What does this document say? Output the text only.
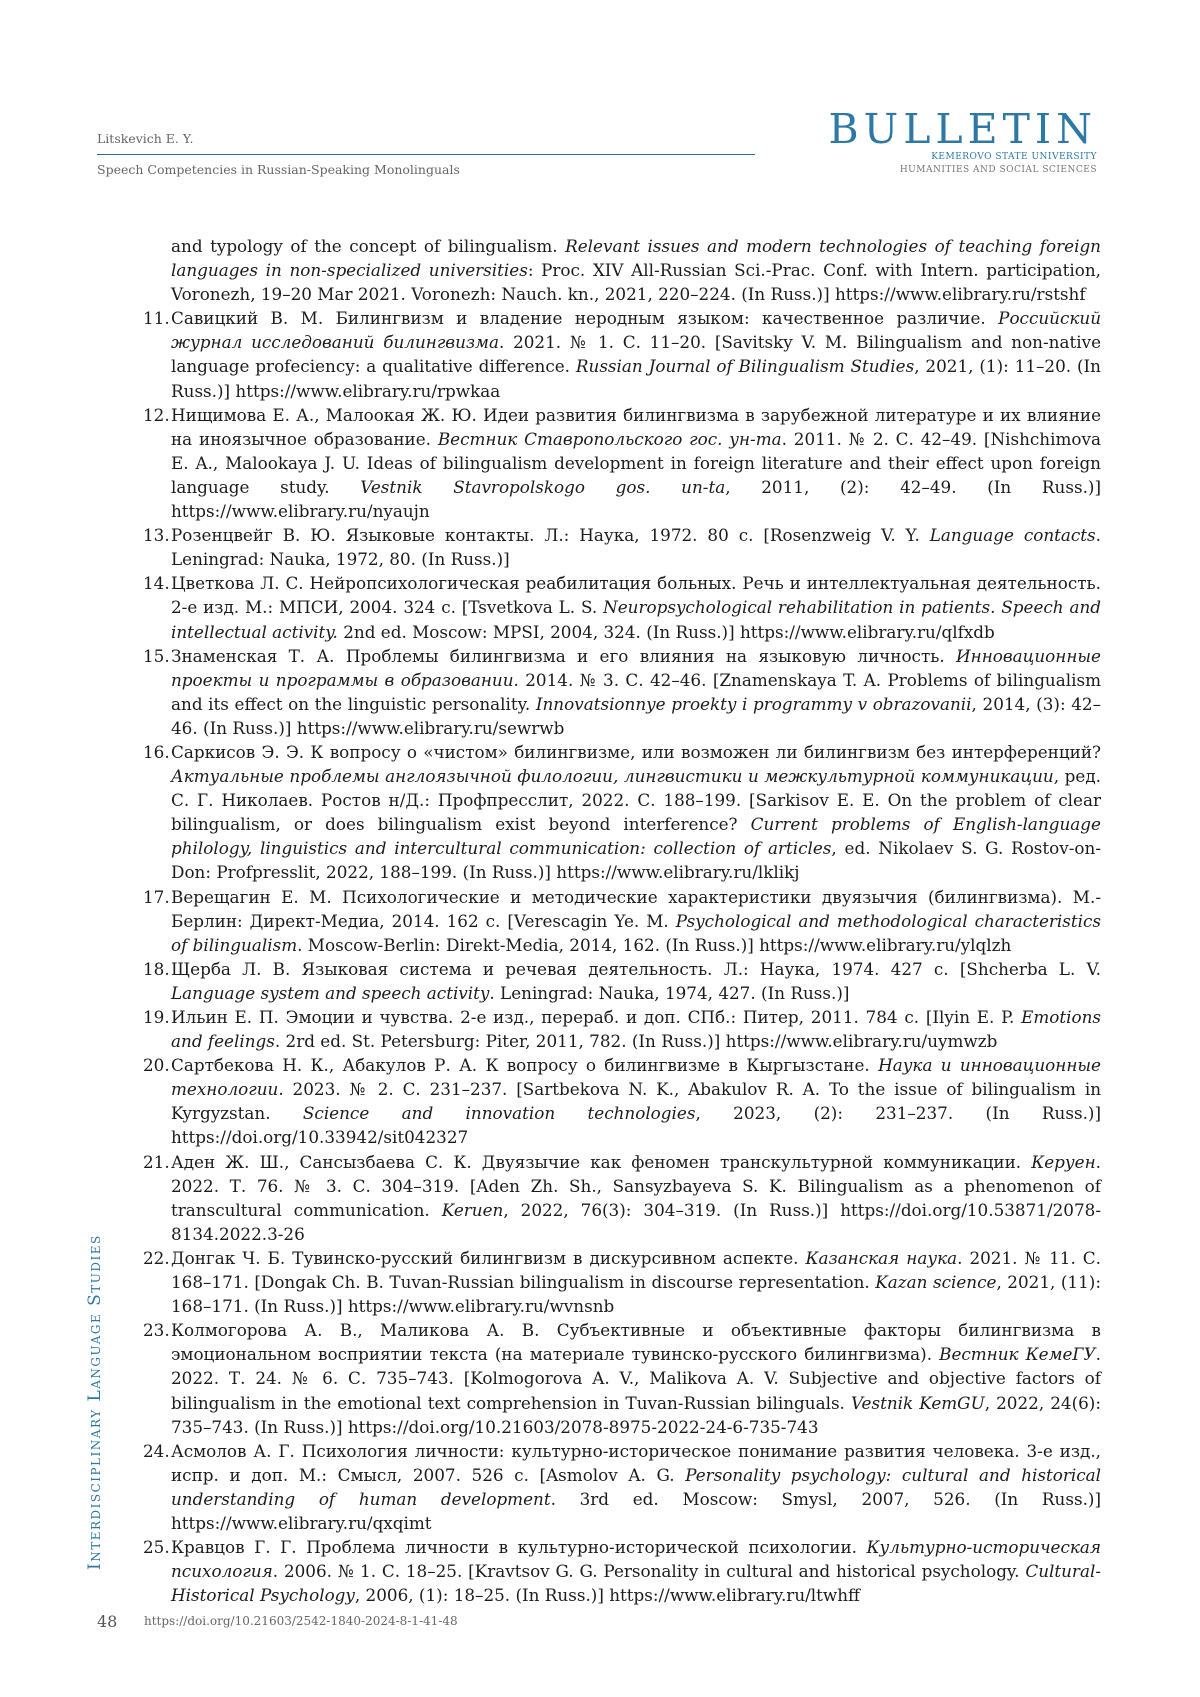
Litskevich E. Y.
Speech Competencies in Russian-Speaking Monolinguals
BULLETIN
KEMEROVO STATE UNIVERSITY
HUMANITIES AND SOCIAL SCIENCES
and typology of the concept of bilingualism. Relevant issues and modern technologies of teaching foreign languages in non-specialized universities: Proc. XIV All-Russian Sci.-Prac. Conf. with Intern. participation, Voronezh, 19–20 Mar 2021. Voronezh: Nauch. kn., 2021, 220–224. (In Russ.)] https://www.elibrary.ru/rstshf
11. Савицкий В. М. Билингвизм и владение неродным языком: качественное различие. Российский журнал исследований билингвизма. 2021. № 1. С. 11–20. [Savitsky V. M. Bilingualism and non-native language profeciency: a qualitative difference. Russian Journal of Bilingualism Studies, 2021, (1): 11–20. (In Russ.)] https://www.elibrary.ru/rpwkaa
12. Нищимова Е. А., Малоокая Ж. Ю. Идеи развития билингвизма в зарубежной литературе и их влияние на иноязычное образование. Вестник Ставропольского гос. ун-та. 2011. № 2. С. 42–49. [Nishchimova E. A., Malookaya J. U. Ideas of bilingualism development in foreign literature and their effect upon foreign language study. Vestnik Stavropolskogo gos. un-ta, 2011, (2): 42–49. (In Russ.)] https://www.elibrary.ru/nyaujn
13. Розенцвейг В. Ю. Языковые контакты. Л.: Наука, 1972. 80 с. [Rosenzweig V. Y. Language contacts. Leningrad: Nauka, 1972, 80. (In Russ.)]
14. Цветкова Л. С. Нейропсихологическая реабилитация больных. Речь и интеллектуальная деятельность. 2-е изд. М.: МПСИ, 2004. 324 с. [Tsvetkova L. S. Neuropsychological rehabilitation in patients. Speech and intellectual activity. 2nd ed. Moscow: MPSI, 2004, 324. (In Russ.)] https://www.elibrary.ru/qlfxdb
15. Знаменская Т. А. Проблемы билингвизма и его влияния на языковую личность. Инновационные проекты и программы в образовании. 2014. № 3. С. 42–46. [Znamenskaya T. A. Problems of bilingualism and its effect on the linguistic personality. Innovatsionnye proekty i programmy v obrazovanii, 2014, (3): 42–46. (In Russ.)] https://www.elibrary.ru/sewrwb
16. Саркисов Э. Э. К вопросу о «чистом» билингвизме, или возможен ли билингвизм без интерференций? Актуальные проблемы англоязычной филологии, лингвистики и межкультурной коммуникации, ред. С. Г. Николаев. Ростов н/Д.: Профпресслит, 2022. С. 188–199. [Sarkisov E. E. On the problem of clear bilingualism, or does bilingualism exist beyond interference? Current problems of English-language philology, linguistics and intercultural communication: collection of articles, ed. Nikolaev S. G. Rostov-on-Don: Profpresslit, 2022, 188–199. (In Russ.)] https://www.elibrary.ru/lklikj
17. Верещагин Е. М. Психологические и методические характеристики двуязычия (билингвизма). М.-Берлин: Директ-Медиа, 2014. 162 с. [Verescagin Ye. M. Psychological and methodological characteristics of bilingualism. Moscow-Berlin: Direkt-Media, 2014, 162. (In Russ.)] https://www.elibrary.ru/ylqlzh
18. Щерба Л. В. Языковая система и речевая деятельность. Л.: Наука, 1974. 427 с. [Shcherba L. V. Language system and speech activity. Leningrad: Nauka, 1974, 427. (In Russ.)]
19. Ильин Е. П. Эмоции и чувства. 2-е изд., перераб. и доп. СПб.: Питер, 2011. 784 с. [Ilyin E. P. Emotions and feelings. 2rd ed. St. Petersburg: Piter, 2011, 782. (In Russ.)] https://www.elibrary.ru/uymwzb
20. Сартбекова Н. К., Абакулов Р. А. К вопросу о билингвизме в Кыргызстане. Наука и инновационные технологии. 2023. № 2. С. 231–237. [Sartbekova N. K., Abakulov R. A. To the issue of bilingualism in Kyrgyzstan. Science and innovation technologies, 2023, (2): 231–237. (In Russ.)] https://doi.org/10.33942/sit042327
21. Аден Ж. Ш., Сансызбаева С. К. Двуязычие как феномен транскультурной коммуникации. Керуен. 2022. Т. 76. № 3. С. 304–319. [Aden Zh. Sh., Sansyzbayeva S. K. Bilingualism as a phenomenon of transcultural communication. Keruen, 2022, 76(3): 304–319. (In Russ.)] https://doi.org/10.53871/2078-8134.2022.3-26
22. Донгак Ч. Б. Тувинско-русский билингвизм в дискурсивном аспекте. Казанская наука. 2021. № 11. С. 168–171. [Dongak Ch. B. Tuvan-Russian bilingualism in discourse representation. Kazan science, 2021, (11): 168–171. (In Russ.)] https://www.elibrary.ru/wvnsnb
23. Колмогорова А. В., Маликова А. В. Субъективные и объективные факторы билингвизма в эмоциональном восприятии текста (на материале тувинско-русского билингвизма). Вестник КемеГУ. 2022. Т. 24. № 6. С. 735–743. [Kolmogorova A. V., Malikova A. V. Subjective and objective factors of bilingualism in the emotional text comprehension in Tuvan-Russian bilinguals. Vestnik KemGU, 2022, 24(6): 735–743. (In Russ.)] https://doi.org/10.21603/2078-8975-2022-24-6-735-743
24. Асмолов А. Г. Психология личности: культурно-историческое понимание развития человека. 3-е изд., испр. и доп. М.: Смысл, 2007. 526 с. [Asmolov A. G. Personality psychology: cultural and historical understanding of human development. 3rd ed. Moscow: Smysl, 2007, 526. (In Russ.)] https://www.elibrary.ru/qxqimt
25. Кравцов Г. Г. Проблема личности в культурно-исторической психологии. Культурно-историческая психология. 2006. № 1. С. 18–25. [Kravtsov G. G. Personality in cultural and historical psychology. Cultural-Historical Psychology, 2006, (1): 18–25. (In Russ.)] https://www.elibrary.ru/ltwhff
Interdisciplinary Language Studies
48 https://doi.org/10.21603/2542-1840-2024-8-1-41-48
